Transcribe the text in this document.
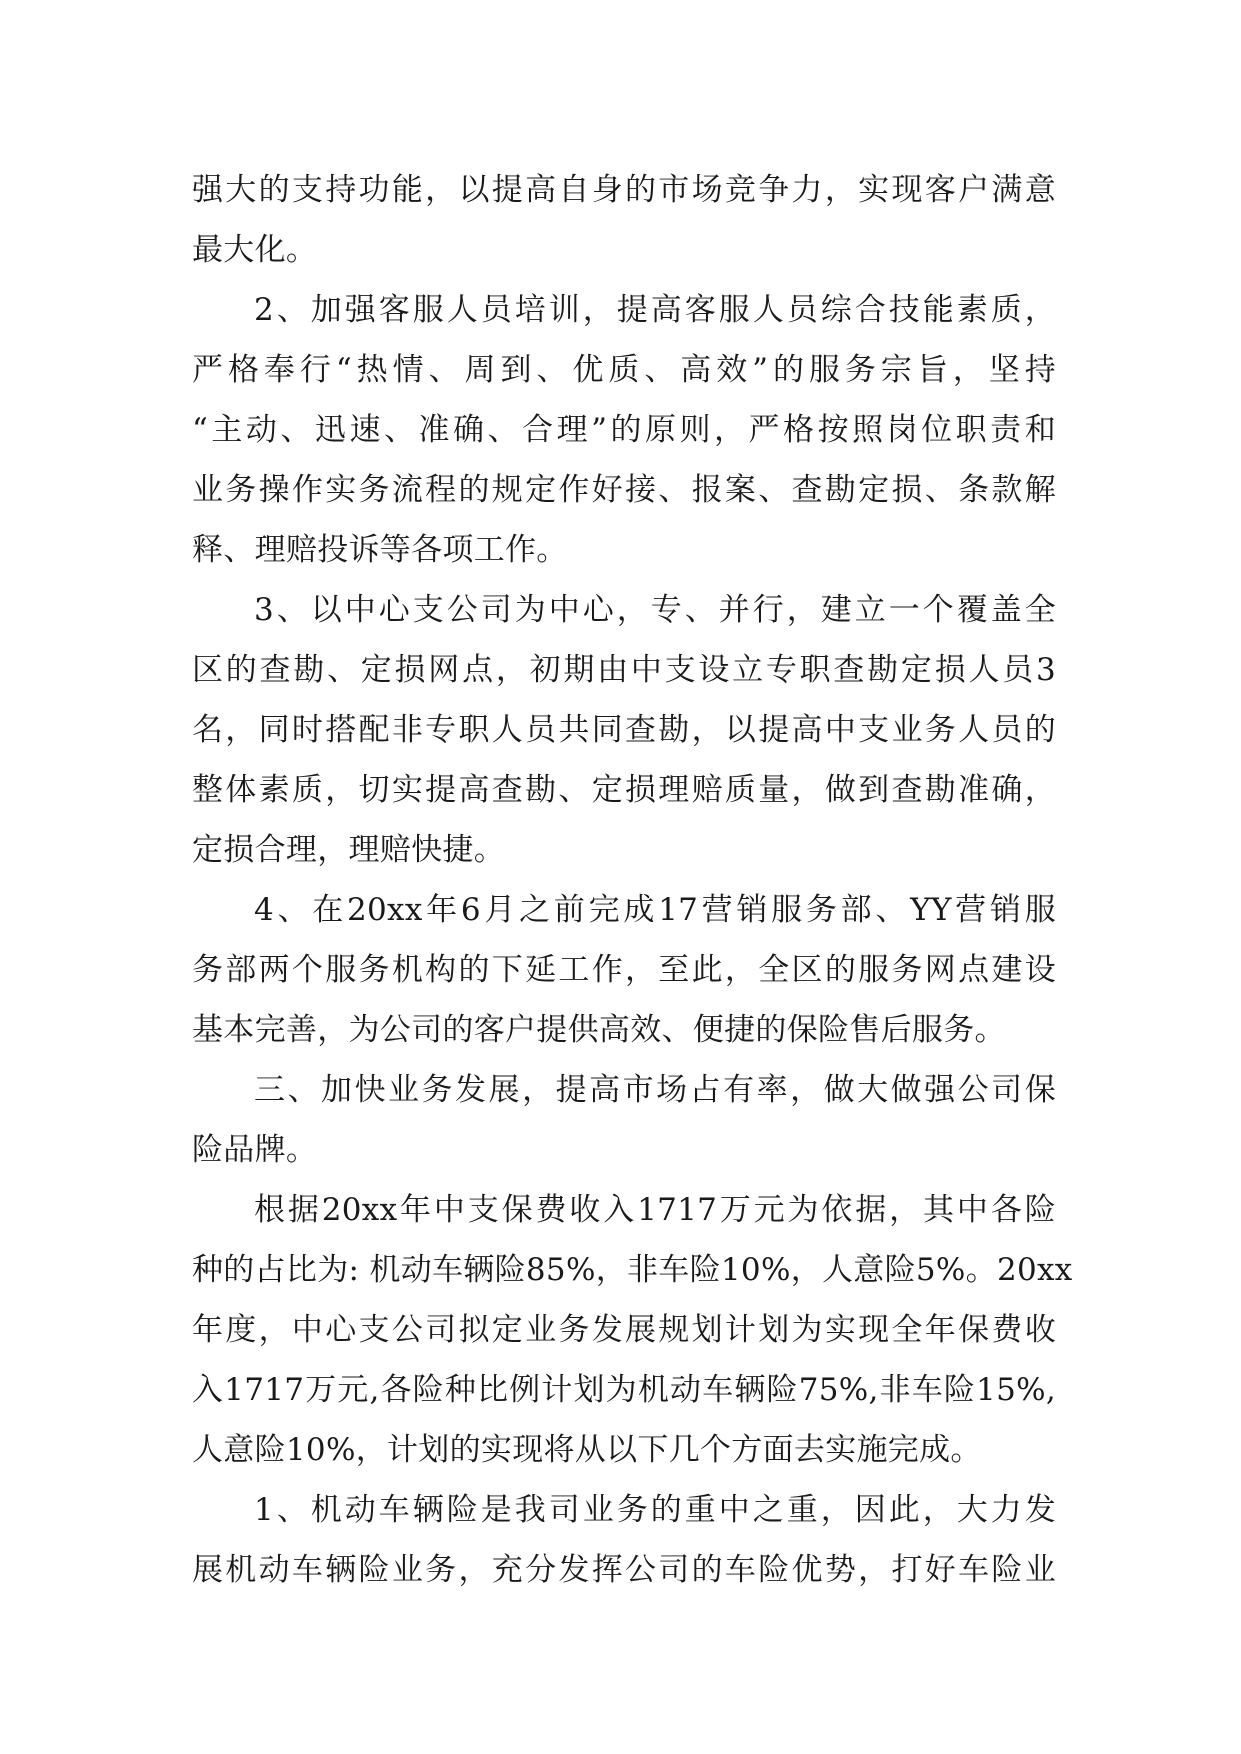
强大的支持功能，以提高自身的市场竞争力，实现客户满意
最大化。
2、加强客服人员培训，提高客服人员综合技能素质，
严格奉行“热情、周到、优质、高效”的服务宗旨，坚持
“主动、迅速、准确、合理”的原则，严格按照岗位职责和
业务操作实务流程的规定作好接、报案、查勘定损、条款解
释、理赔投诉等各项工作。
3、以中心支公司为中心，专、并行，建立一个覆盖全
区的查勘、定损网点，初期由中支设立专职查勘定损人员3
名，同时搭配非专职人员共同查勘，以提高中支业务人员的
整体素质，切实提高查勘、定损理赔质量，做到查勘准确，
定损合理，理赔快捷。
4、在20xx年6月之前完成17营销服务部、YY营销服
务部两个服务机构的下延工作，至此，全区的服务网点建设
基本完善，为公司的客户提供高效、便捷的保险售后服务。
三、加快业务发展，提高市场占有率，做大做强公司保
险品牌。
根据20xx年中支保费收入1717万元为依据，其中各险
种的占比为: 机动车辆险85%，非车险10%，人意险5%。20xx
年度，中心支公司拟定业务发展规划计划为实现全年保费收
入1717万元,各险种比例计划为机动车辆险75%,非车险15%,
人意险10%，计划的实现将从以下几个方面去实施完成。
1、机动车辆险是我司业务的重中之重，因此，大力发
展机动车辆险业务，充分发挥公司的车险优势，打好车险业
